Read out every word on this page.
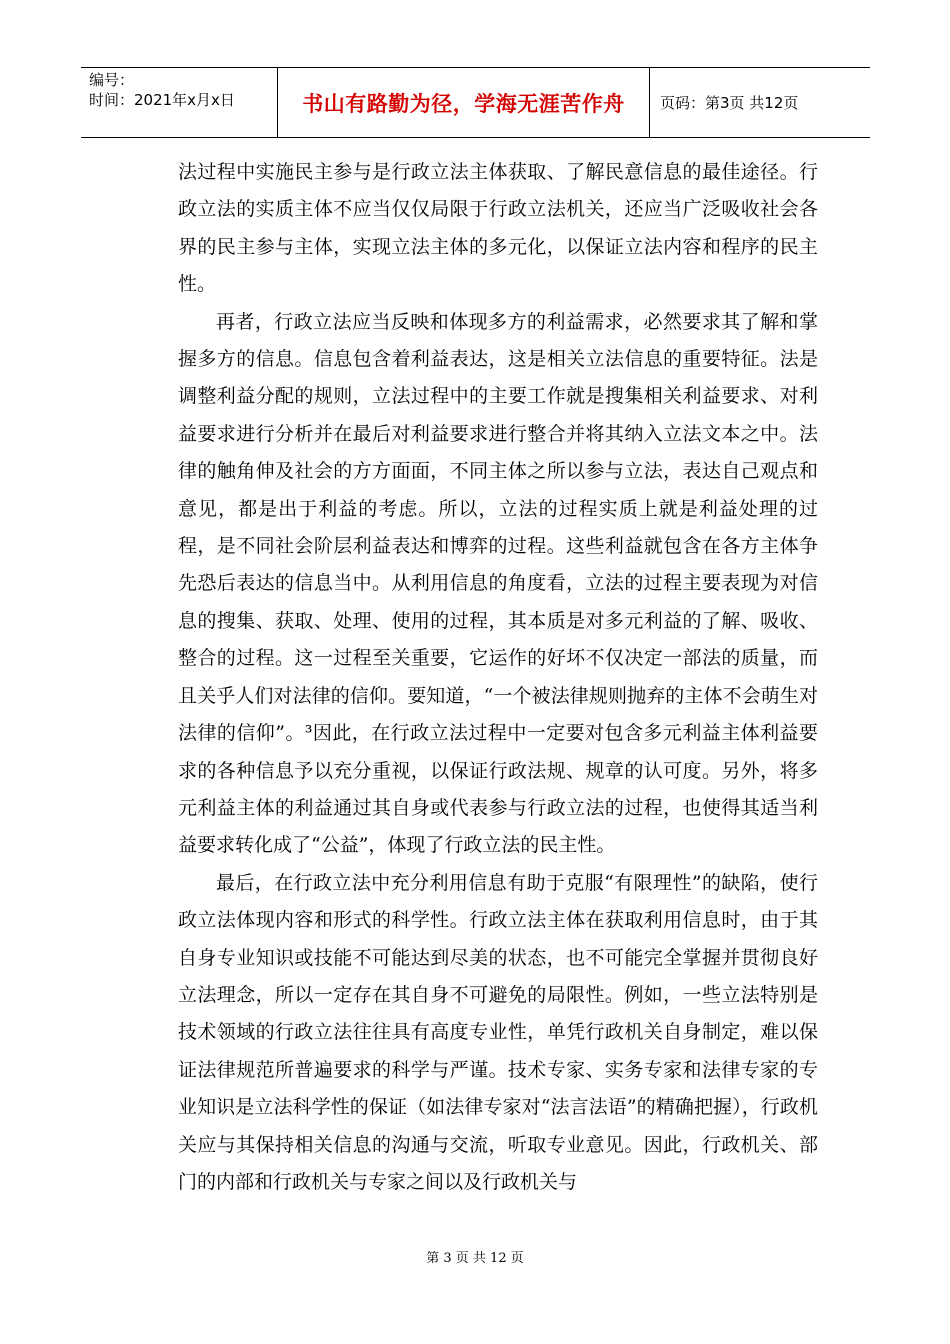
编号：
时间：2021年x月x日	书山有路勤为径，学海无涯苦作舟 页码：第3页 共12页

法过程中实施民主参与是行政立法主体获取、了解民意信息的最佳途径。行政立法的实质主体不应当仅仅局限于行政立法机关，还应当广泛吸收社会各界的民主参与主体，实现立法主体的多元化，以保证立法内容和程序的民主性。

再者，行政立法应当反映和体现多方的利益需求，必然要求其了解和掌握多方的信息。信息包含着利益表达，这是相关立法信息的重要特征。法是调整利益分配的规则，立法过程中的主要工作就是搜集相关利益要求、对利益要求进行分析并在最后对利益要求进行整合并将其纳入立法文本之中。法律的触角伸及社会的方方面面，不同主体之所以参与立法，表达自己观点和意见，都是出于利益的考虑。所以，立法的过程实质上就是利益处理的过程，是不同社会阶层利益表达和博弈的过程。这些利益就包含在各方主体争先恐后表达的信息当中。从利用信息的角度看，立法的过程主要表现为对信息的搜集、获取、处理、使用的过程，其本质是对多元利益的了解、吸收、整合的过程。这一过程至关重要，它运作的好坏不仅决定一部法的质量，而且关乎人们对法律的信仰。要知道，“一个被法律规则抛弃的主体不会萌生对法律的信仰”。³因此，在行政立法过程中一定要对包含多元利益主体利益要求的各种信息予以充分重视，以保证行政法规、规章的认可度。另外，将多元利益主体的利益通过其自身或代表参与行政立法的过程，也使得其适当利益要求转化成了“公益”，体现了行政立法的民主性。

最后，在行政立法中充分利用信息有助于克服“有限理性”的缺陷，使行政立法体现内容和形式的科学性。行政立法主体在获取利用信息时，由于其自身专业知识或技能不可能达到尽美的状态，也不可能完全掌握并贯彻良好立法理念，所以一定存在其自身不可避免的局限性。例如，一些立法特别是技术领域的行政立法往往具有高度专业性，单凭行政机关自身制定，难以保证法律规范所普遍要求的科学与严谨。技术专家、实务专家和法律专家的专业知识是立法科学性的保证（如法律专家对“法言法语”的精确把握），行政机关应与其保持相关信息的沟通与交流，听取专业意见。因此，行政机关、部门的内部和行政机关与专家之间以及行政机关与

第 3 页 共 12 页
